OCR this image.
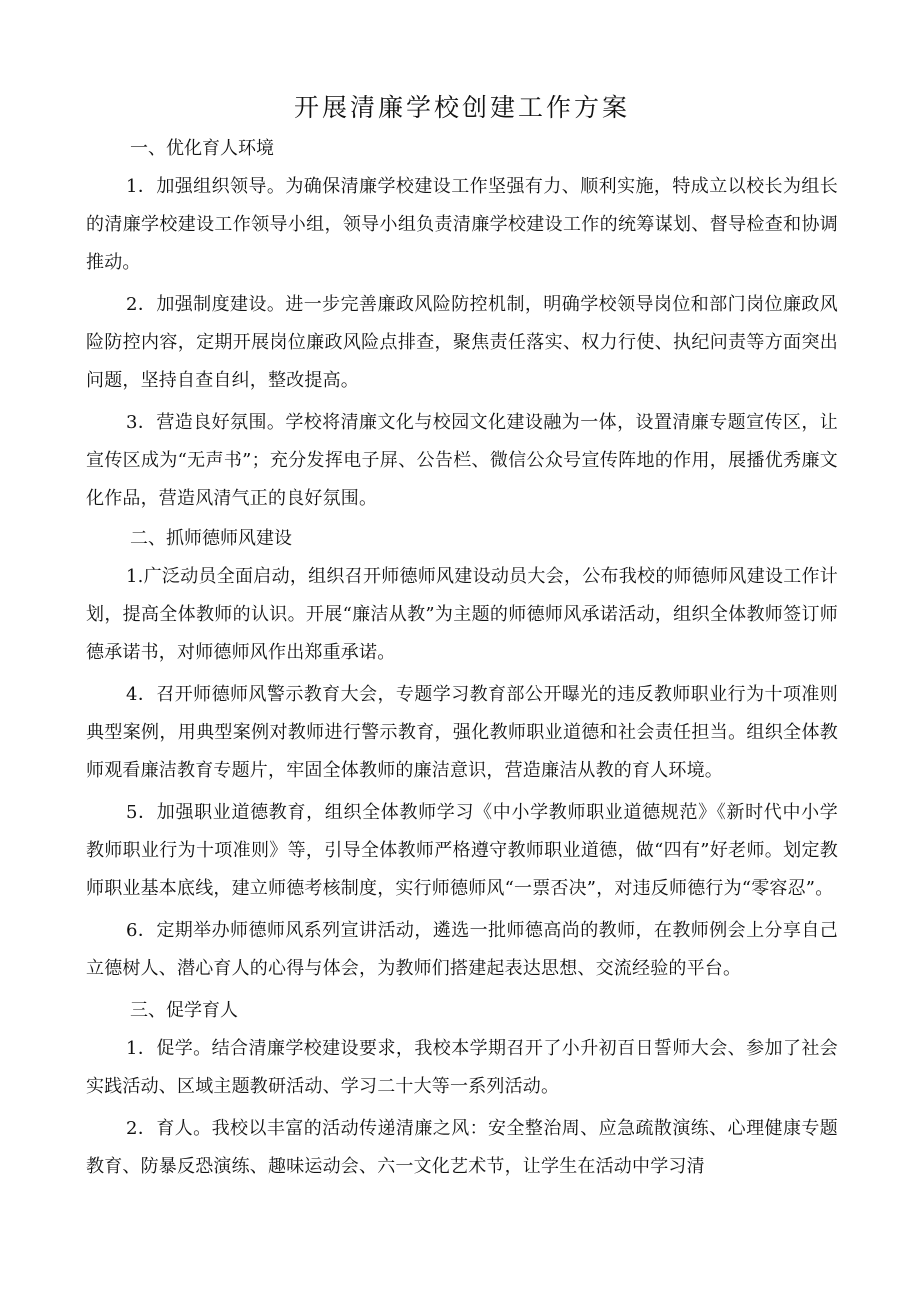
开展清廉学校创建工作方案
一、优化育人环境

1．加强组织领导。为确保清廉学校建设工作坚强有力、顺利实施，特成立以校长为组长的清廉学校建设工作领导小组，领导小组负责清廉学校建设工作的统筹谋划、督导检查和协调推动。

2．加强制度建设。进一步完善廉政风险防控机制，明确学校领导岗位和部门岗位廉政风险防控内容，定期开展岗位廉政风险点排查，聚焦责任落实、权力行使、执纪问责等方面突出问题，坚持自查自纠，整改提高。

3．营造良好氛围。学校将清廉文化与校园文化建设融为一体，设置清廉专题宣传区，让宣传区成为“无声书”；充分发挥电子屏、公告栏、微信公众号宣传阵地的作用，展播优秀廉文化作品，营造风清气正的良好氛围。

二、抓师德师风建设

1.广泛动员全面启动，组织召开师德师风建设动员大会，公布我校的师德师风建设工作计划，提高全体教师的认识。开展“廉洁从教”为主题的师德师风承诺活动，组织全体教师签订师德承诺书，对师德师风作出郑重承诺。

4．召开师德师风警示教育大会，专题学习教育部公开曝光的违反教师职业行为十项准则典型案例，用典型案例对教师进行警示教育，强化教师职业道德和社会责任担当。组织全体教师观看廉洁教育专题片，牢固全体教师的廉洁意识，营造廉洁从教的育人环境。

5．加强职业道德教育，组织全体教师学习《中小学教师职业道德规范》《新时代中小学教师职业行为十项准则》等，引导全体教师严格遵守教师职业道德，做“四有”好老师。划定教师职业基本底线，建立师德考核制度，实行师德师风“一票否决”，对违反师德行为“零容忍”。

6．定期举办师德师风系列宣讲活动，遴选一批师德高尚的教师，在教师例会上分享自己立德树人、潜心育人的心得与体会，为教师们搭建起表达思想、交流经验的平台。

三、促学育人

1．促学。结合清廉学校建设要求，我校本学期召开了小升初百日誓师大会、参加了社会实践活动、区域主题教研活动、学习二十大等一系列活动。

2．育人。我校以丰富的活动传递清廉之风：安全整治周、应急疏散演练、心理健康专题教育、防暴反恐演练、趣味运动会、六一文化艺术节，让学生在活动中学习清
